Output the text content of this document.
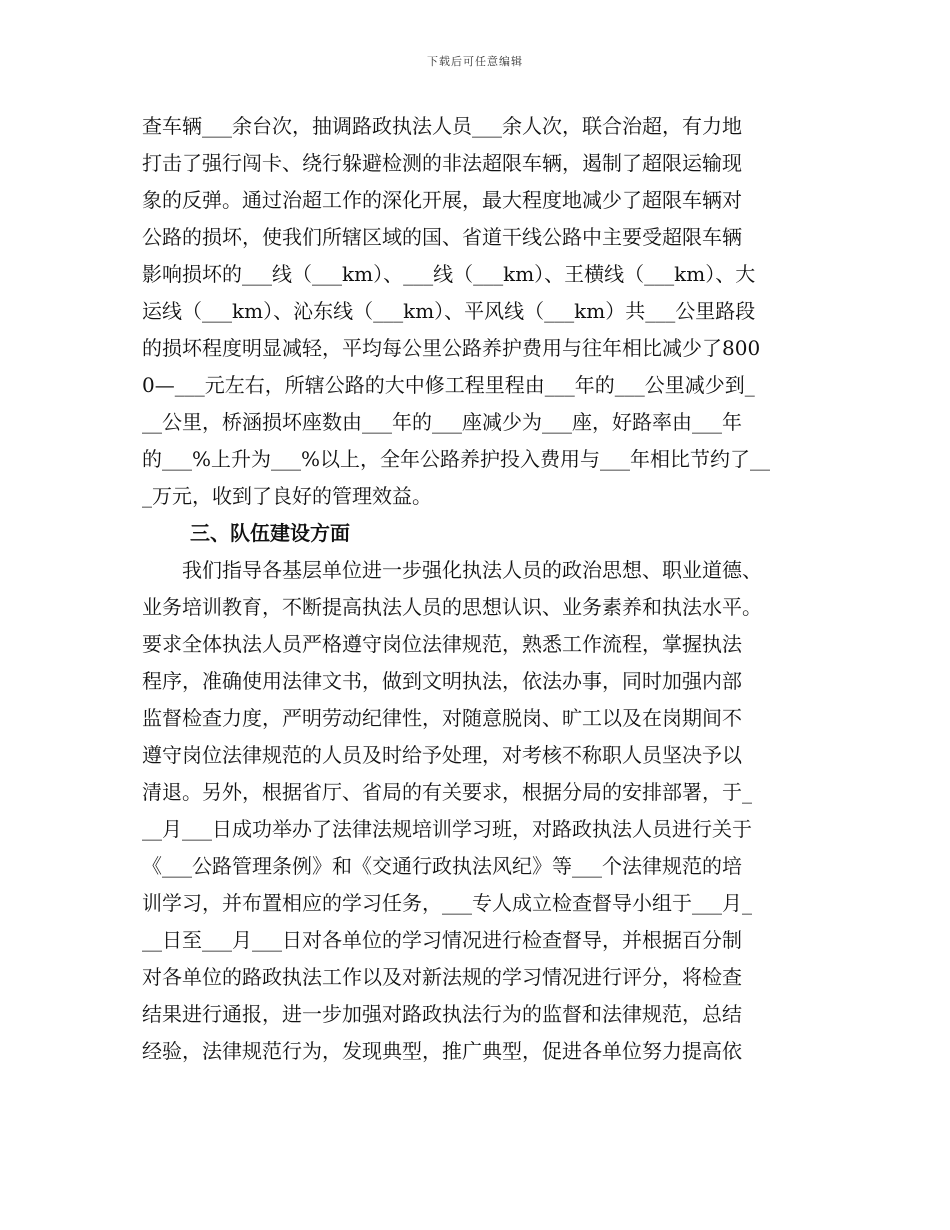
下载后可任意编辑
查车辆___余台次，抽调路政执法人员___余人次，联合治超，有力地
打击了强行闯卡、绕行躲避检测的非法超限车辆，遏制了超限运输现
象的反弹。通过治超工作的深化开展，最大程度地减少了超限车辆对
公路的损坏，使我们所辖区域的国、省道干线公路中主要受超限车辆
影响损坏的___线（___km）、___线（___km）、王横线（___km）、大
运线（___km）、沁东线（___km）、平风线（___km）共___公里路段
的损坏程度明显减轻，平均每公里公路养护费用与往年相比减少了800
0—___元左右，所辖公路的大中修工程里程由___年的___公里减少到_
__公里，桥涵损坏座数由___年的___座减少为___座，好路率由___年
的___%上升为___%以上，全年公路养护投入费用与___年相比节约了__
_万元，收到了良好的管理效益。
三、队伍建设方面
　　我们指导各基层单位进一步强化执法人员的政治思想、职业道德、
业务培训教育，不断提高执法人员的思想认识、业务素养和执法水平。
要求全体执法人员严格遵守岗位法律规范，熟悉工作流程，掌握执法
程序，准确使用法律文书，做到文明执法，依法办事，同时加强内部
监督检查力度，严明劳动纪律性，对随意脱岗、旷工以及在岗期间不
遵守岗位法律规范的人员及时给予处理，对考核不称职人员坚决予以
清退。另外，根据省厅、省局的有关要求，根据分局的安排部署，于_
__月___日成功举办了法律法规培训学习班，对路政执法人员进行关于
《___公路管理条例》和《交通行政执法风纪》等___个法律规范的培
训学习，并布置相应的学习任务，___专人成立检查督导小组于___月_
__日至___月___日对各单位的学习情况进行检查督导，并根据百分制
对各单位的路政执法工作以及对新法规的学习情况进行评分，将检查
结果进行通报，进一步加强对路政执法行为的监督和法律规范，总结
经验，法律规范行为，发现典型，推广典型，促进各单位努力提高依
